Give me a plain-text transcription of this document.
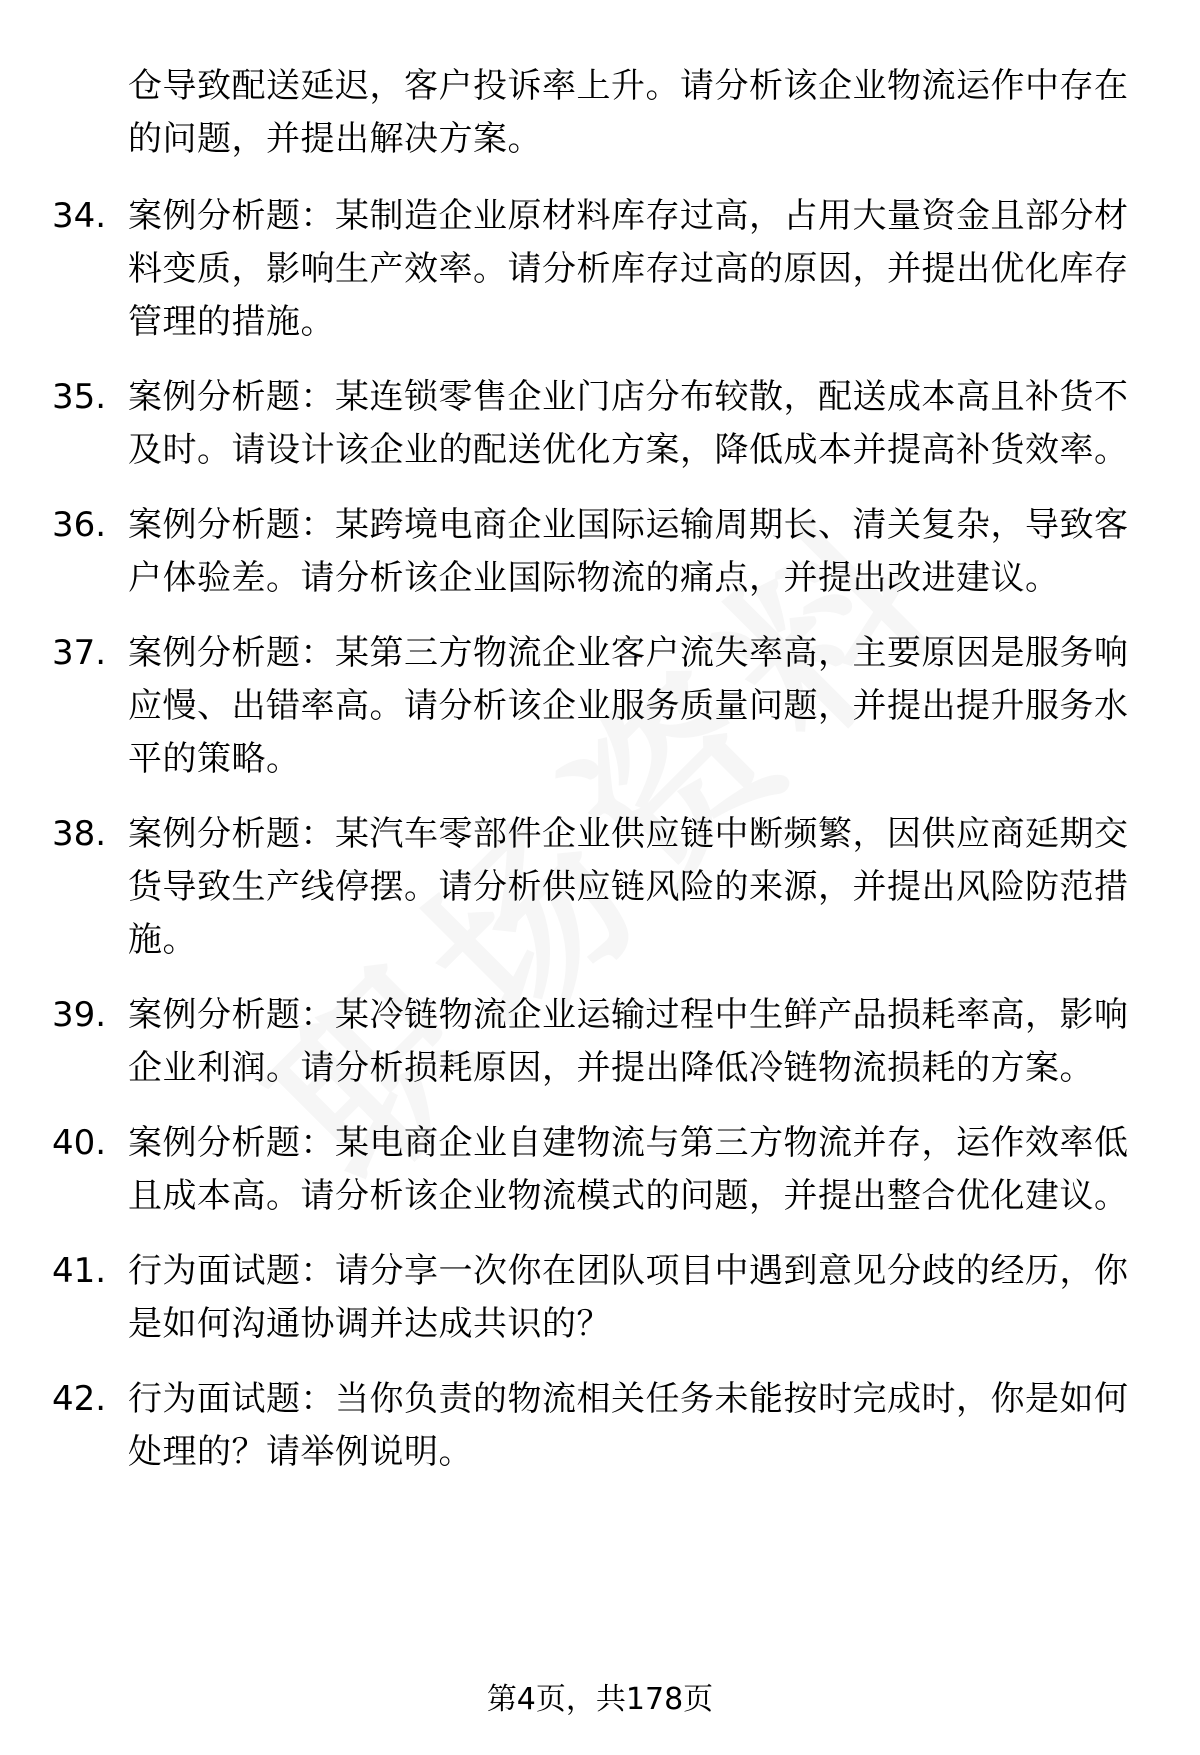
仓导致配送延迟，客户投诉率上升。请分析该企业物流运作中存在的问题，并提出解决方案。
34. 案例分析题：某制造企业原材料库存过高，占用大量资金且部分材料变质，影响生产效率。请分析库存过高的原因，并提出优化库存管理的措施。
35. 案例分析题：某连锁零售企业门店分布较散，配送成本高且补货不及时。请设计该企业的配送优化方案，降低成本并提高补货效率。
36. 案例分析题：某跨境电商企业国际运输周期长、清关复杂，导致客户体验差。请分析该企业国际物流的痛点，并提出改进建议。
37. 案例分析题：某第三方物流企业客户流失率高，主要原因是服务响应慢、出错率高。请分析该企业服务质量问题，并提出提升服务水平的策略。
38. 案例分析题：某汽车零部件企业供应链中断频繁，因供应商延期交货导致生产线停摆。请分析供应链风险的来源，并提出风险防范措施。
39. 案例分析题：某冷链物流企业运输过程中生鲜产品损耗率高，影响企业利润。请分析损耗原因，并提出降低冷链物流损耗的方案。
40. 案例分析题：某电商企业自建物流与第三方物流并存，运作效率低且成本高。请分析该企业物流模式的问题，并提出整合优化建议。
41. 行为面试题：请分享一次你在团队项目中遇到意见分歧的经历，你是如何沟通协调并达成共识的？
42. 行为面试题：当你负责的物流相关任务未能按时完成时，你是如何处理的？请举例说明。
第4页，共178页
